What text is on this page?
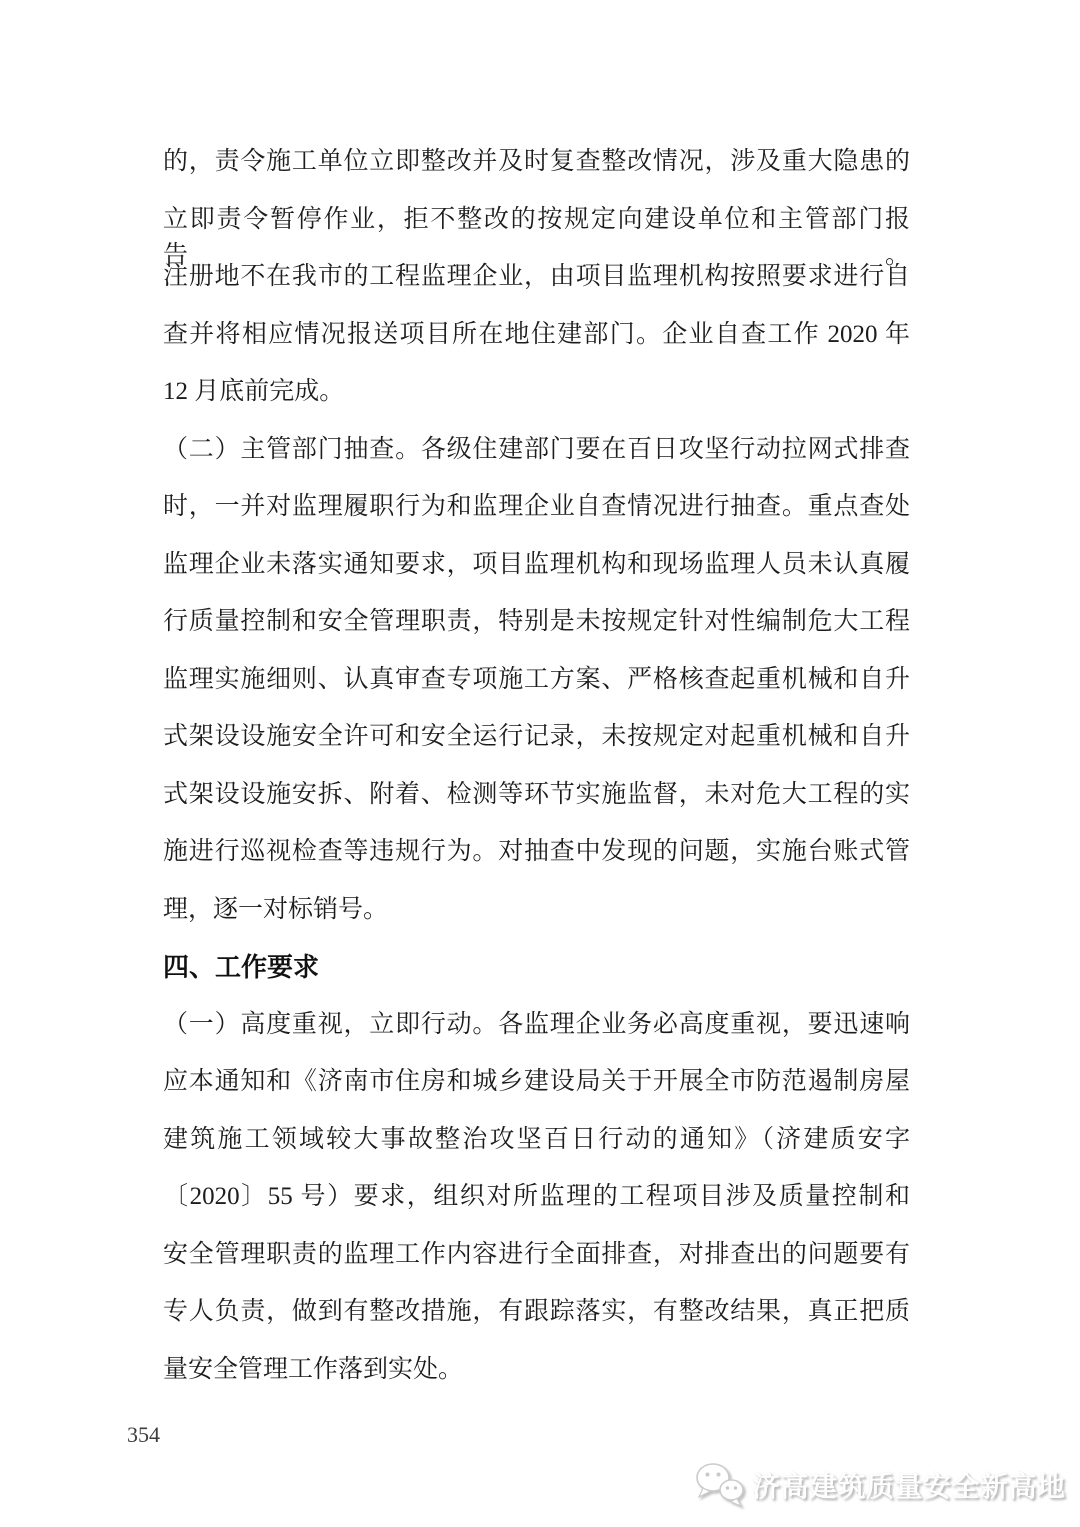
的，责令施工单位立即整改并及时复查整改情况，涉及重大隐患的
立即责令暂停作业，拒不整改的按规定向建设单位和主管部门报告。
注册地不在我市的工程监理企业，由项目监理机构按照要求进行自
查并将相应情况报送项目所在地住建部门。企业自查工作 2020 年
12 月底前完成。
（二）主管部门抽查。各级住建部门要在百日攻坚行动拉网式排查
时，一并对监理履职行为和监理企业自查情况进行抽查。重点查处
监理企业未落实通知要求，项目监理机构和现场监理人员未认真履
行质量控制和安全管理职责，特别是未按规定针对性编制危大工程
监理实施细则、认真审查专项施工方案、严格核查起重机械和自升
式架设设施安全许可和安全运行记录，未按规定对起重机械和自升
式架设设施安拆、附着、检测等环节实施监督，未对危大工程的实
施进行巡视检查等违规行为。对抽查中发现的问题，实施台账式管
理，逐一对标销号。
四、工作要求
（一）高度重视，立即行动。各监理企业务必高度重视，要迅速响
应本通知和《济南市住房和城乡建设局关于开展全市防范遏制房屋
建筑施工领域较大事故整治攻坚百日行动的通知》（济建质安字
〔2020〕55 号）要求，组织对所监理的工程项目涉及质量控制和
安全管理职责的监理工作内容进行全面排查，对排查出的问题要有
专人负责，做到有整改措施，有跟踪落实，有整改结果，真正把质
量安全管理工作落到实处。
354
济高建筑质量安全新高地
